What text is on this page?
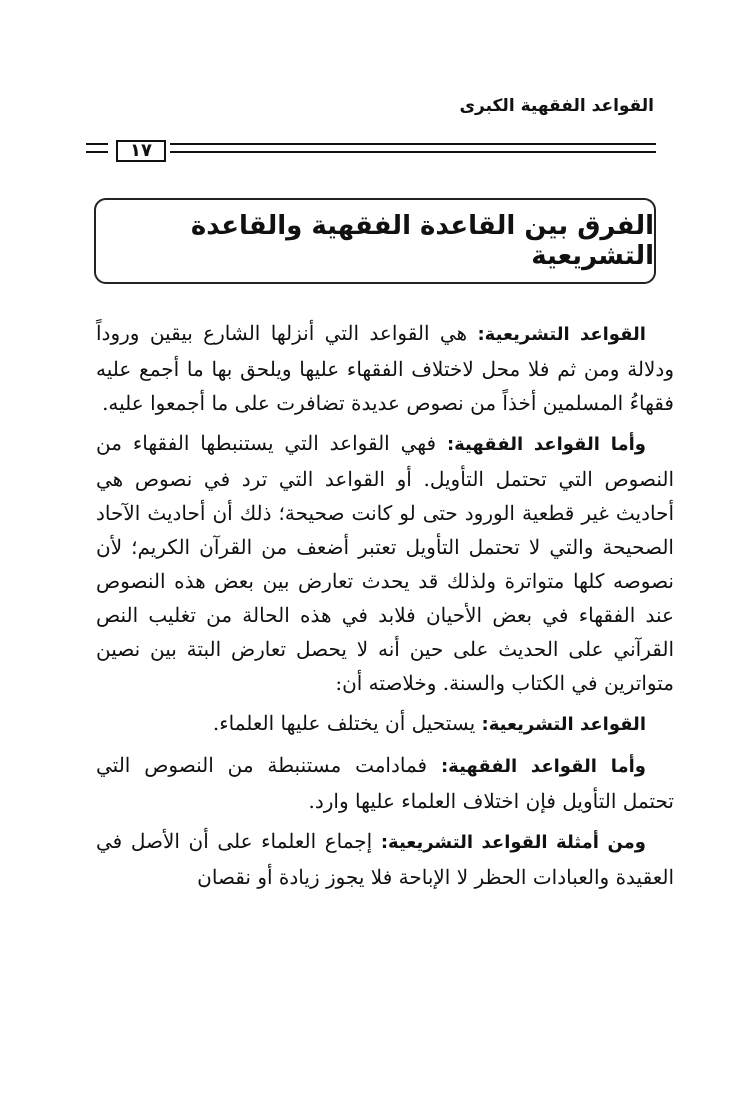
القواعد الفقهية الكبرى
١٧
الفرق بين القاعدة الفقهية والقاعدة التشريعية

القواعد التشريعية: هي القواعد التي أنزلها الشارع بيقين وروداً ودلالة ومن ثم فلا محل لاختلاف الفقهاء عليها ويلحق بها ما أجمع عليه فقهاءُ المسلمين أخذاً من نصوص عديدة تضافرت على ما أجمعوا عليه.

وأما القواعد الفقهية: فهي القواعد التي يستنبطها الفقهاء من النصوص التي تحتمل التأويل. أو القواعد التي ترد في نصوص هي أحاديث غير قطعية الورود حتى لو كانت صحيحة؛ ذلك أن أحاديث الآحاد الصحيحة والتي لا تحتمل التأويل تعتبر أضعف من القرآن الكريم؛ لأن نصوصه كلها متواترة ولذلك قد يحدث تعارض بين بعض هذه النصوص عند الفقهاء في بعض الأحيان فلابد في هذه الحالة من تغليب النص القرآني على الحديث على حين أنه لا يحصل تعارض البتة بين نصين متواترين في الكتاب والسنة. وخلاصته أن:

القواعد التشريعية: يستحيل أن يختلف عليها العلماء.

وأما القواعد الفقهية: فمادامت مستنبطة من النصوص التي تحتمل التأويل فإن اختلاف العلماء عليها وارد.

ومن أمثلة القواعد التشريعية: إجماع العلماء على أن الأصل في العقيدة والعبادات الحظر لا الإباحة فلا يجوز زيادة أو نقصان
